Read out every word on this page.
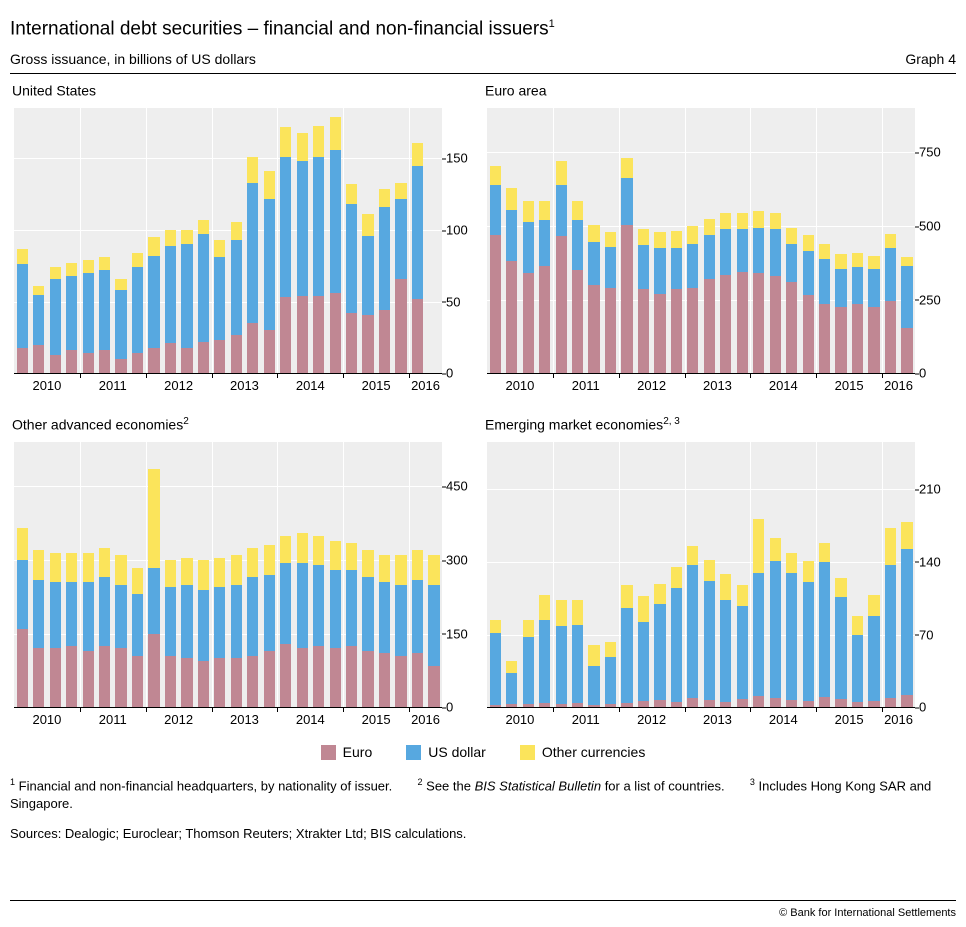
International debt securities – financial and non-financial issuers$^1$
Gross issuance, in billions of US dollars	Graph 4
United States
0
50
100
150
2010	2011	2012	2013	2014	2015 2016
Euro area
0
250
500
750
2010	2011	2012	2013	2014	2015 2016
Other advanced economies$^2$
0
150
300
450
2010	2011	2012	2013	2014	2015 2016
Emerging market economies$^{2, 3}$
0
70
140
210
2010	2011	2012	2013	2014	2015 2016
Euro	US dollar	Other currencies
$^1$ Financial and non-financial headquarters, by nationality of issuer.	$^2$ See the BIS Statistical Bulletin for a list of countries.	$^3$ Includes Hong Kong SAR and Singapore.
Sources: Dealogic; Euroclear; Thomson Reuters; Xtrakter Ltd; BIS calculations.
© Bank for International Settlements
